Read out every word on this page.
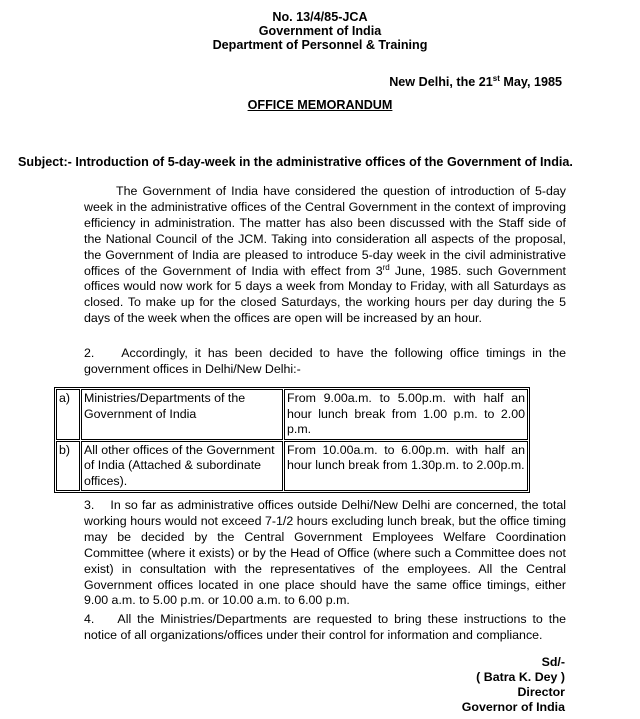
No. 13/4/85-JCA
Government of India
Department of Personnel & Training
New Delhi, the 21st May, 1985
OFFICE MEMORANDUM
Subject:- Introduction of 5-day-week in the administrative offices of the Government of India.
The Government of India have considered the question of introduction of 5-day week in the administrative offices of the Central Government in the context of improving efficiency in administration. The matter has also been discussed with the Staff side of the National Council of the JCM. Taking into consideration all aspects of the proposal, the Government of India are pleased to introduce 5-day week in the civil administrative offices of the Government of India with effect from 3rd June, 1985. such Government offices would now work for 5 days a week from Monday to Friday, with all Saturdays as closed. To make up for the closed Saturdays, the working hours per day during the 5 days of the week when the offices are open will be increased by an hour.
2.    Accordingly, it has been decided to have the following office timings in the government offices in Delhi/New Delhi:-
a)	Ministries/Departments of the Government of India	From 9.00a.m. to 5.00p.m. with half an hour lunch break from 1.00 p.m. to 2.00 p.m.
b)	All other offices of the Government of India (Attached & subordinate offices).	From 10.00a.m. to 6.00p.m. with half an hour lunch break from 1.30p.m. to 2.00p.m.
3.    In so far as administrative offices outside Delhi/New Delhi are concerned, the total working hours would not exceed 7-1/2 hours excluding lunch break, but the office timing may be decided by the Central Government Employees Welfare Coordination Committee (where it exists) or by the Head of Office (where such a Committee does not exist) in consultation with the representatives of the employees. All the Central Government offices located in one place should have the same office timings, either 9.00 a.m. to 5.00 p.m. or 10.00 a.m. to 6.00 p.m.
4.    All the Ministries/Departments are requested to bring these instructions to the notice of all organizations/offices under their control for information and compliance.
Sd/-
( Batra K. Dey )
Director
Governor of India
